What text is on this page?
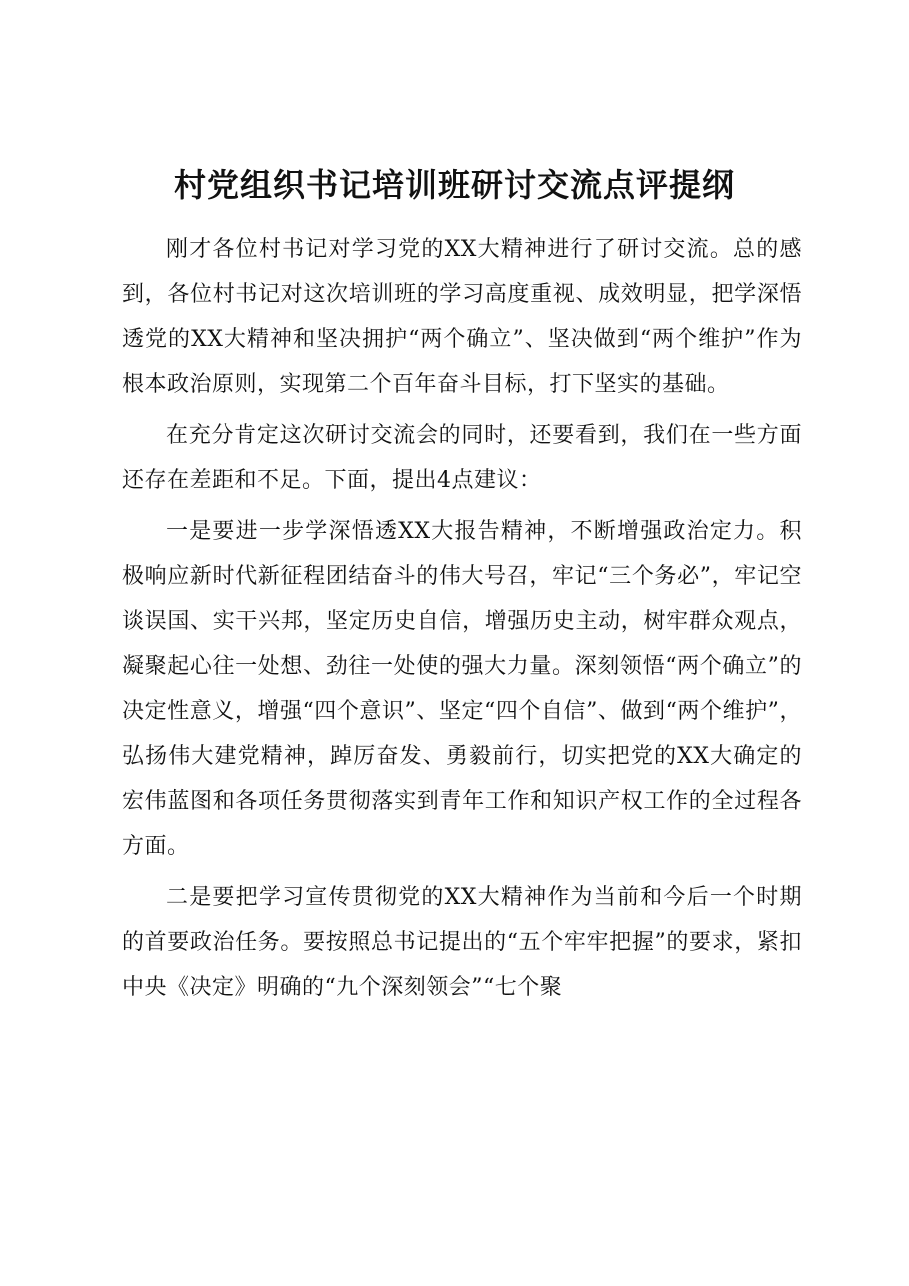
村党组织书记培训班研讨交流点评提纲

刚才各位村书记对学习党的XX大精神进行了研讨交流。总的感到，各位村书记对这次培训班的学习高度重视、成效明显，把学深悟透党的XX大精神和坚决拥护“两个确立”、坚决做到“两个维护”作为根本政治原则，实现第二个百年奋斗目标，打下坚实的基础。

在充分肯定这次研讨交流会的同时，还要看到，我们在一些方面还存在差距和不足。下面，提出4点建议：

一是要进一步学深悟透XX大报告精神，不断增强政治定力。积极响应新时代新征程团结奋斗的伟大号召，牢记“三个务必”，牢记空谈误国、实干兴邦，坚定历史自信，增强历史主动，树牢群众观点，凝聚起心往一处想、劲往一处使的强大力量。深刻领悟“两个确立”的决定性意义，增强“四个意识”、坚定“四个自信”、做到“两个维护”，弘扬伟大建党精神，踔厉奋发、勇毅前行，切实把党的XX大确定的宏伟蓝图和各项任务贯彻落实到青年工作和知识产权工作的全过程各方面。

二是要把学习宣传贯彻党的XX大精神作为当前和今后一个时期的首要政治任务。要按照总书记提出的“五个牢牢把握”的要求，紧扣中央《决定》明确的“九个深刻领会”“七个聚
